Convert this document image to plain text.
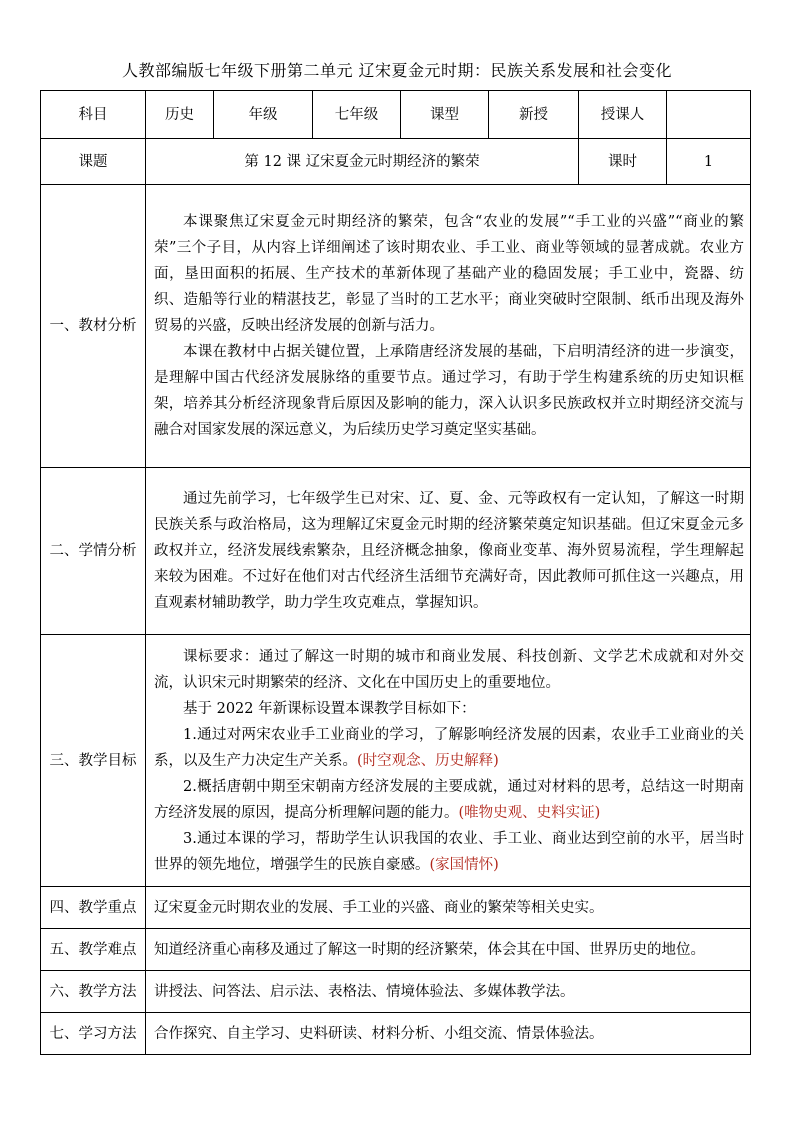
人教部编版七年级下册第二单元 辽宋夏金元时期：民族关系发展和社会变化
科目	历史	年级	七年级	课型	新授	授课人	
课题	第 12 课 辽宋夏金元时期经济的繁荣					课时	1
一、教材分析	本课聚焦辽宋夏金元时期经济的繁荣，包含“农业的发展”“手工业的兴盛”“商业的繁荣”三个子目，从内容上详细阐述了该时期农业、手工业、商业等领域的显著成就。农业方面，垦田面积的拓展、生产技术的革新体现了基础产业的稳固发展；手工业中，瓷器、纺织、造船等行业的精湛技艺，彰显了当时的工艺水平；商业突破时空限制、纸币出现及海外贸易的兴盛，反映出经济发展的创新与活力。

本课在教材中占据关键位置，上承隋唐经济发展的基础，下启明清经济的进一步演变，是理解中国古代经济发展脉络的重要节点。通过学习，有助于学生构建系统的历史知识框架，培养其分析经济现象背后原因及影响的能力，深入认识多民族政权并立时期经济交流与融合对国家发展的深远意义，为后续历史学习奠定坚实基础。						

二、学情分析	通过先前学习，七年级学生已对宋、辽、夏、金、元等政权有一定认知，了解这一时期民族关系与政治格局，这为理解辽宋夏金元时期的经济繁荣奠定知识基础。但辽宋夏金元多政权并立，经济发展线索繁杂，且经济概念抽象，像商业变革、海外贸易流程，学生理解起来较为困难。不过好在他们对古代经济生活细节充满好奇，因此教师可抓住这一兴趣点，用直观素材辅助教学，助力学生攻克难点，掌握知识。						

三、教学目标	课标要求：通过了解这一时期的城市和商业发展、科技创新、文学艺术成就和对外交流，认识宋元时期繁荣的经济、文化在中国历史上的重要地位。

基于 2022 年新课标设置本课教学目标如下：

1.通过对两宋农业手工业商业的学习，了解影响经济发展的因素，农业手工业商业的关系，以及生产力决定生产关系。(时空观念、历史解释)

2.概括唐朝中期至宋朝南方经济发展的主要成就，通过对材料的思考，总结这一时期南方经济发展的原因，提高分析理解问题的能力。(唯物史观、史料实证)

3.通过本课的学习，帮助学生认识我国的农业、手工业、商业达到空前的水平，居当时世界的领先地位，增强学生的民族自豪感。(家国情怀)						

四、教学重点	辽宋夏金元时期农业的发展、手工业的兴盛、商业的繁荣等相关史实。						
五、教学难点	知道经济重心南移及通过了解这一时期的经济繁荣，体会其在中国、世界历史的地位。						
六、教学方法	讲授法、问答法、启示法、表格法、情境体验法、多媒体教学法。						
七、学习方法	合作探究、自主学习、史料研读、材料分析、小组交流、情景体验法。						
